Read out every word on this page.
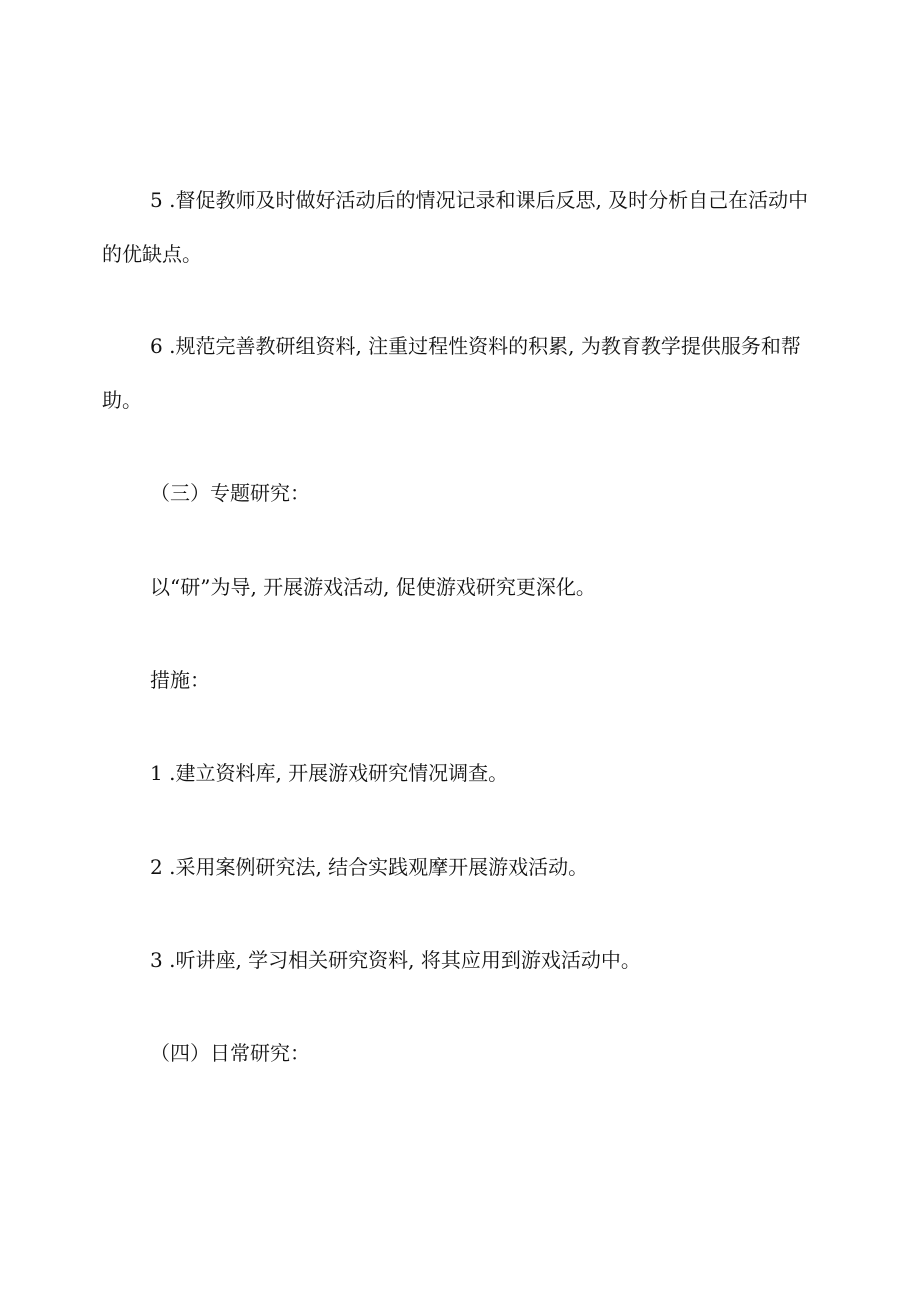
5 .督促教师及时做好活动后的情况记录和课后反思, 及时分析自己在活动中的优缺点。

6 .规范完善教研组资料, 注重过程性资料的积累, 为教育教学提供服务和帮助。

（三）专题研究：

以“研”为导, 开展游戏活动, 促使游戏研究更深化。

措施：

1 .建立资料库, 开展游戏研究情况调查。

2 .采用案例研究法, 结合实践观摩开展游戏活动。

3 .听讲座, 学习相关研究资料, 将其应用到游戏活动中。

（四）日常研究：
